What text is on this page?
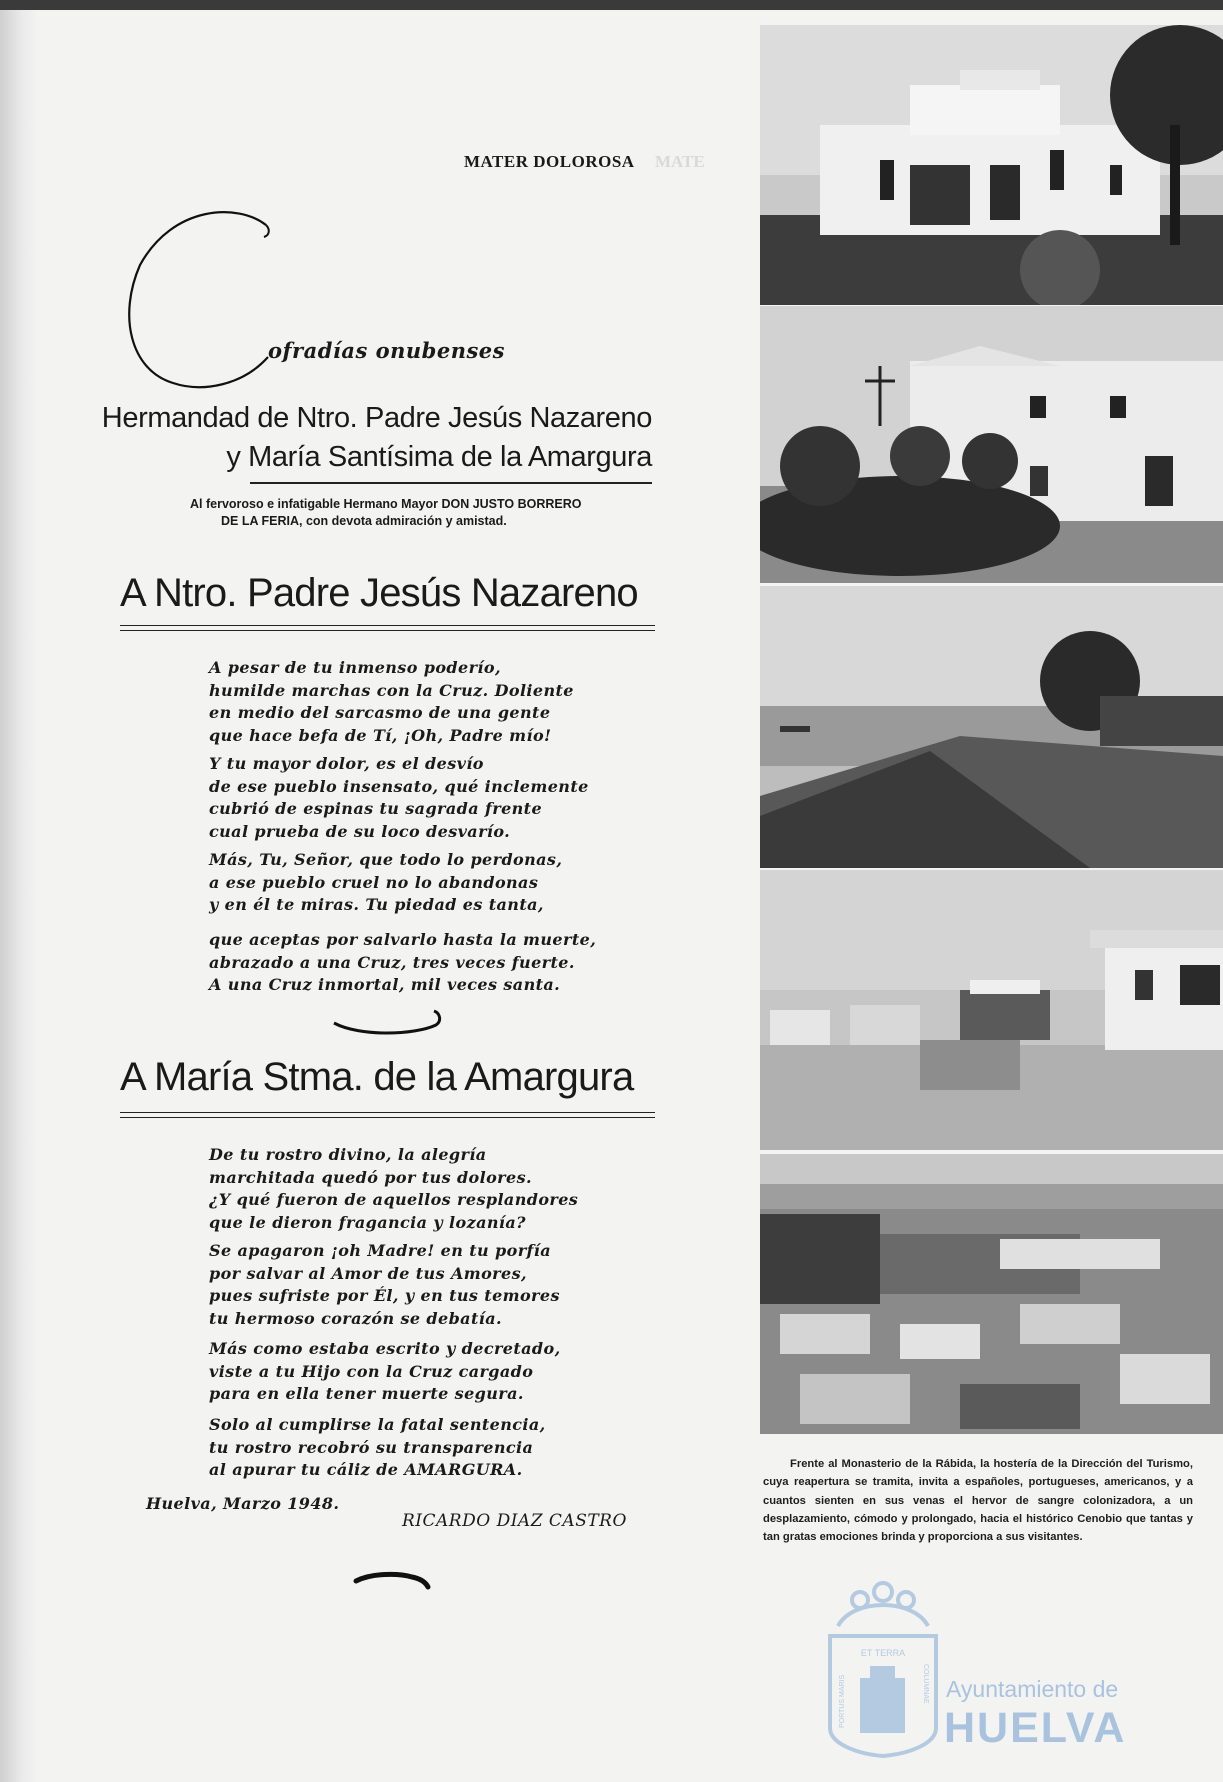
MATER DOLOROSA MATE
ofradías onubenses
Hermandad de Ntro. Padre Jesús Nazareno
y María Santísima de la Amargura
Al fervoroso e infatigable Hermano Mayor DON JUSTO BORRERO
DE LA FERIA, con devota admiración y amistad.
A Ntro. Padre Jesús Nazareno
A pesar de tu inmenso poderío,
humilde marchas con la Cruz. Doliente
en medio del sarcasmo de una gente
que hace befa de Tí, ¡Oh, Padre mío!
Y tu mayor dolor, es el desvío
de ese pueblo insensato, qué inclemente
cubrió de espinas tu sagrada frente
cual prueba de su loco desvarío.
Más, Tu, Señor, que todo lo perdonas,
a ese pueblo cruel no lo abandonas
y en él te miras. Tu piedad es tanta,
que aceptas por salvarlo hasta la muerte,
abrazado a una Cruz, tres veces fuerte.
A una Cruz inmortal, mil veces santa.
A María Stma. de la Amargura
De tu rostro divino, la alegría
marchitada quedó por tus dolores.
¿Y qué fueron de aquellos resplandores
que le dieron fragancia y lozanía?
Se apagaron ¡oh Madre! en tu porfía
por salvar al Amor de tus Amores,
pues sufriste por Él, y en tus temores
tu hermoso corazón se debatía.
Más como estaba escrito y decretado,
viste a tu Hijo con la Cruz cargado
para en ella tener muerte segura.
Solo al cumplirse la fatal sentencia,
tu rostro recobró su transparencia
al apurar tu cáliz de AMARGURA.
Huelva, Marzo 1948.
RICARDO DIAZ CASTRO
Frente al Monasterio de la Rábida, la hostería de la Dirección del Turismo, cuya reapertura se tramita, invita a españoles, portugueses, americanos, y a cuantos sienten en sus venas el hervor de sangre colonizadora, a un desplazamiento, cómodo y prolongado, hacia el histórico Cenobio que tantas y tan gratas emociones brinda y proporciona a sus visitantes.
ET TERRA
PORTUS MARIS	COLUMNAE Ayuntamiento de
HUELVA
